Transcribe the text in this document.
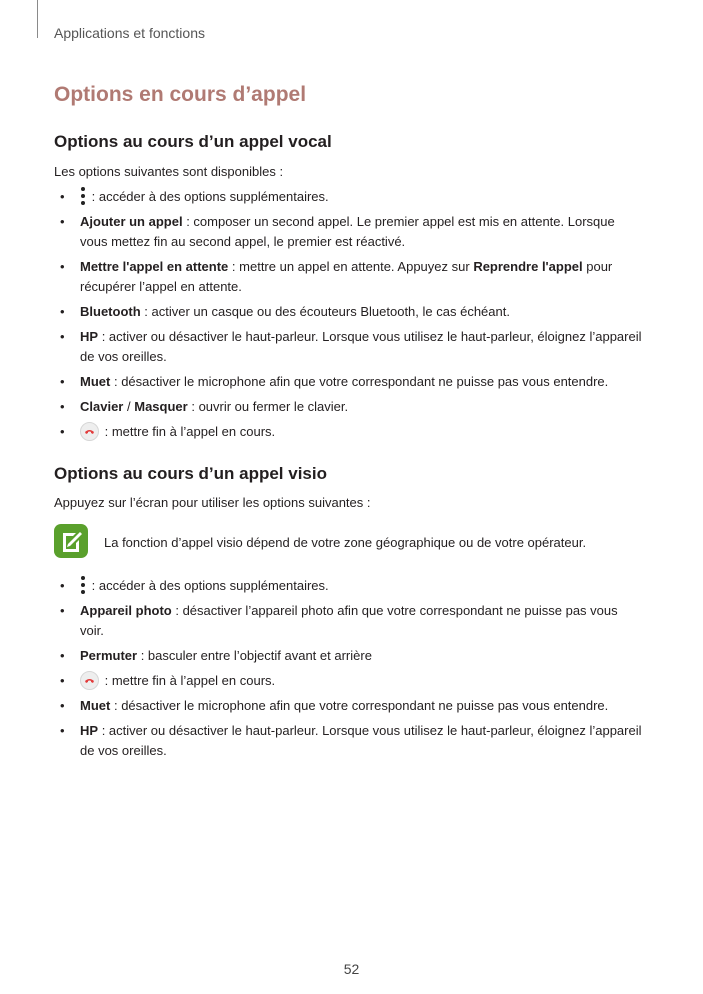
Applications et fonctions
Options en cours d’appel
Options au cours d’un appel vocal
Les options suivantes sont disponibles :
• : accéder à des options supplémentaires.
• Ajouter un appel : composer un second appel. Le premier appel est mis en attente. Lorsque vous mettez fin au second appel, le premier est réactivé.
• Mettre l'appel en attente : mettre un appel en attente. Appuyez sur Reprendre l'appel pour récupérer l’appel en attente.
• Bluetooth : activer un casque ou des écouteurs Bluetooth, le cas échéant.
• HP : activer ou désactiver le haut-parleur. Lorsque vous utilisez le haut-parleur, éloignez l’appareil de vos oreilles.
• Muet : désactiver le microphone afin que votre correspondant ne puisse pas vous entendre.
• Clavier / Masquer : ouvrir ou fermer le clavier.
•	: mettre fin à l’appel en cours.
Options au cours d’un appel visio
Appuyez sur l’écran pour utiliser les options suivantes :
La fonction d’appel visio dépend de votre zone géographique ou de votre opérateur.
• : accéder à des options supplémentaires.
• Appareil photo : désactiver l’appareil photo afin que votre correspondant ne puisse pas vous voir.
• Permuter : basculer entre l’objectif avant et arrière
•	: mettre fin à l’appel en cours.
• Muet : désactiver le microphone afin que votre correspondant ne puisse pas vous entendre.
• HP : activer ou désactiver le haut-parleur. Lorsque vous utilisez le haut-parleur, éloignez l’appareil de vos oreilles.
52
